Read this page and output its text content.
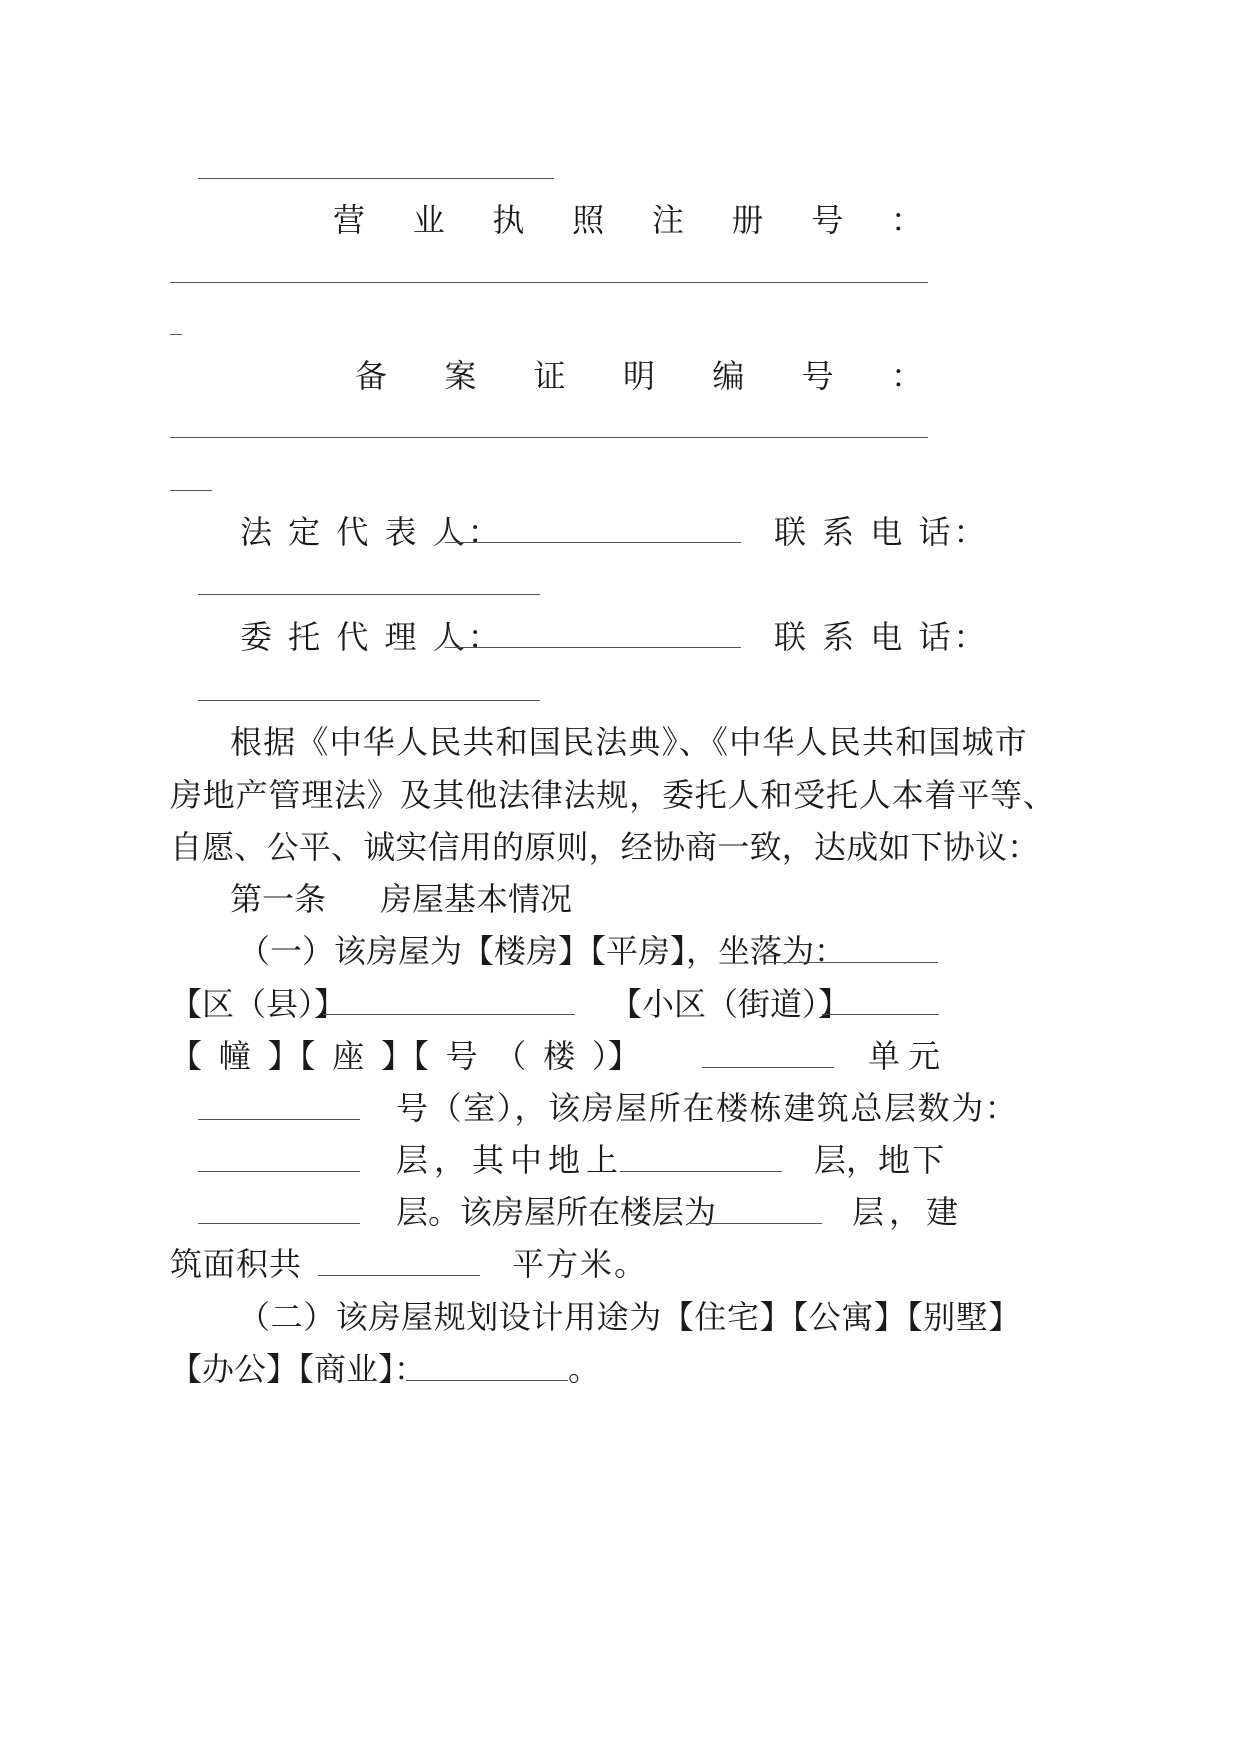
营 业 执 照 注 册 号 ：
备 案 证 明 编 号 ：
法 定 代 表 人：	联 系 电 话：
委 托 代 理 人：	联 系 电 话：
根据《中华人民共和国民法典》、《中华人民共和国城市
房地产管理法》及其他法律法规，委托人和受托人本着平等、
自愿、公平、诚实信用的原则，经协商一致，达成如下协议：
第一条 房屋基本情况
（一）该房屋为【楼房】【平房】，坐落为：
【区（县）】	【小区（街道）】
【 幢 】【 座 】【 号 （ 楼 ）】	单 元
号（室），该房屋所在楼栋建筑总层数为：
层，其中地上	层， 地下
层。该房屋所在楼层为	层，建
筑面积共	平方米。
（二）该房屋规划设计用途为【住宅】【公寓】【别墅】
【办公】【商业】：	。
